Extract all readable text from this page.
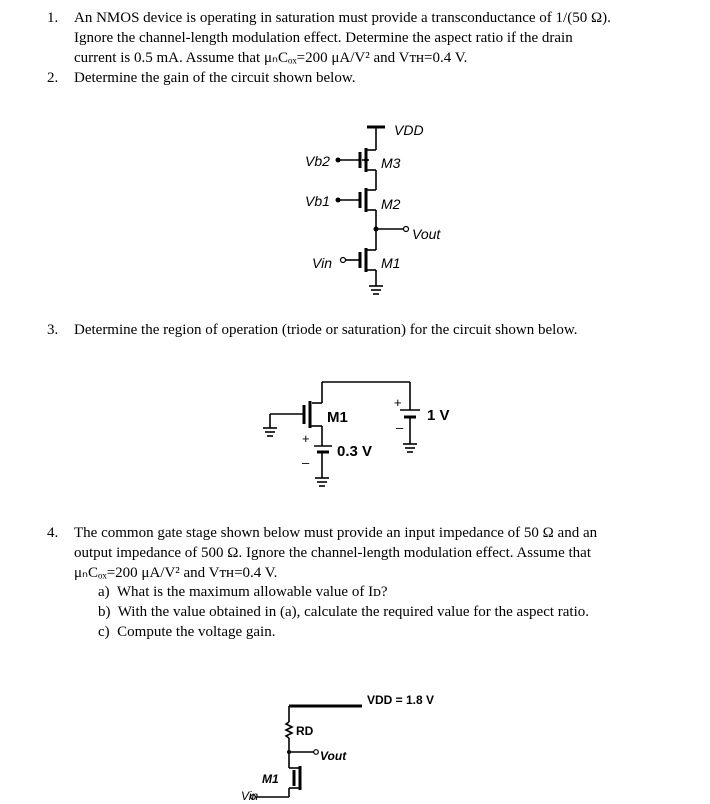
1. An NMOS device is operating in saturation must provide a transconductance of 1/(50 Ω).
Ignore the channel-length modulation effect. Determine the aspect ratio if the drain
current is 0.5 mA. Assume that μₙCₒₓ=200 μA/V² and Vᴛʜ=0.4 V.
2. Determine the gain of the circuit shown below.
3. Determine the region of operation (triode or saturation) for the circuit shown below.
4. The common gate stage shown below must provide an input impedance of 50 Ω and an
output impedance of 500 Ω. Ignore the channel-length modulation effect. Assume that
μₙCₒₓ=200 μA/V² and Vᴛʜ=0.4 V.
a) What is the maximum allowable value of Iᴅ?
b) With the value obtained in (a), calculate the required value for the aspect ratio.
c) Compute the voltage gain.
VDD
Vb2	M3
Vb1	M2
Vout
Vin	M1
M1
+
–
0.3 V
+
–
1 V
VDD = 1.8 V
RD
Vout
M1
Vin
